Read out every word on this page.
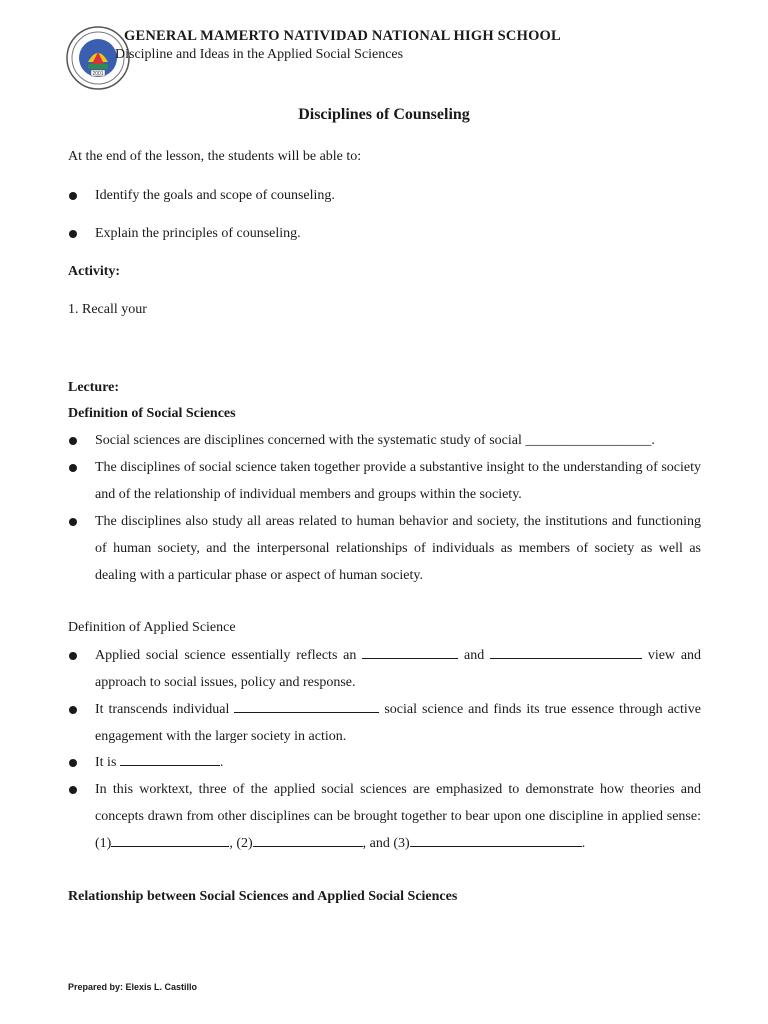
2001
GENERAL MAMERTO NATIVIDAD NATIONAL HIGH SCHOOL
Discipline and Ideas in the Applied Social Sciences
Disciplines of Counseling
At the end of the lesson, the students will be able to:
Identify the goals and scope of counseling.
Explain the principles of counseling.
Activity:
1. Recall your
Lecture:
Definition of Social Sciences
Social sciences are disciplines concerned with the systematic study of social __________________.
The disciplines of social science taken together provide a substantive insight to the understanding of society and of the relationship of individual members and groups within the society.
The disciplines also study all areas related to human behavior and society, the institutions and functioning of human society, and the interpersonal relationships of individuals as members of society as well as dealing with a particular phase or aspect of human society.
Definition of Applied Science
Applied social science essentially reflects an	and	view and approach to social issues, policy and response.
It transcends individual	social science and finds its true essence through active engagement with the larger society in action.
It is	.
In this worktext, three of the applied social sciences are emphasized to demonstrate how theories and concepts drawn from other disciplines can be brought together to bear upon one discipline in applied sense:(1)	, (2)	, and (3)	.
Relationship between Social Sciences and Applied Social Sciences
Prepared by: Elexis L. Castillo
